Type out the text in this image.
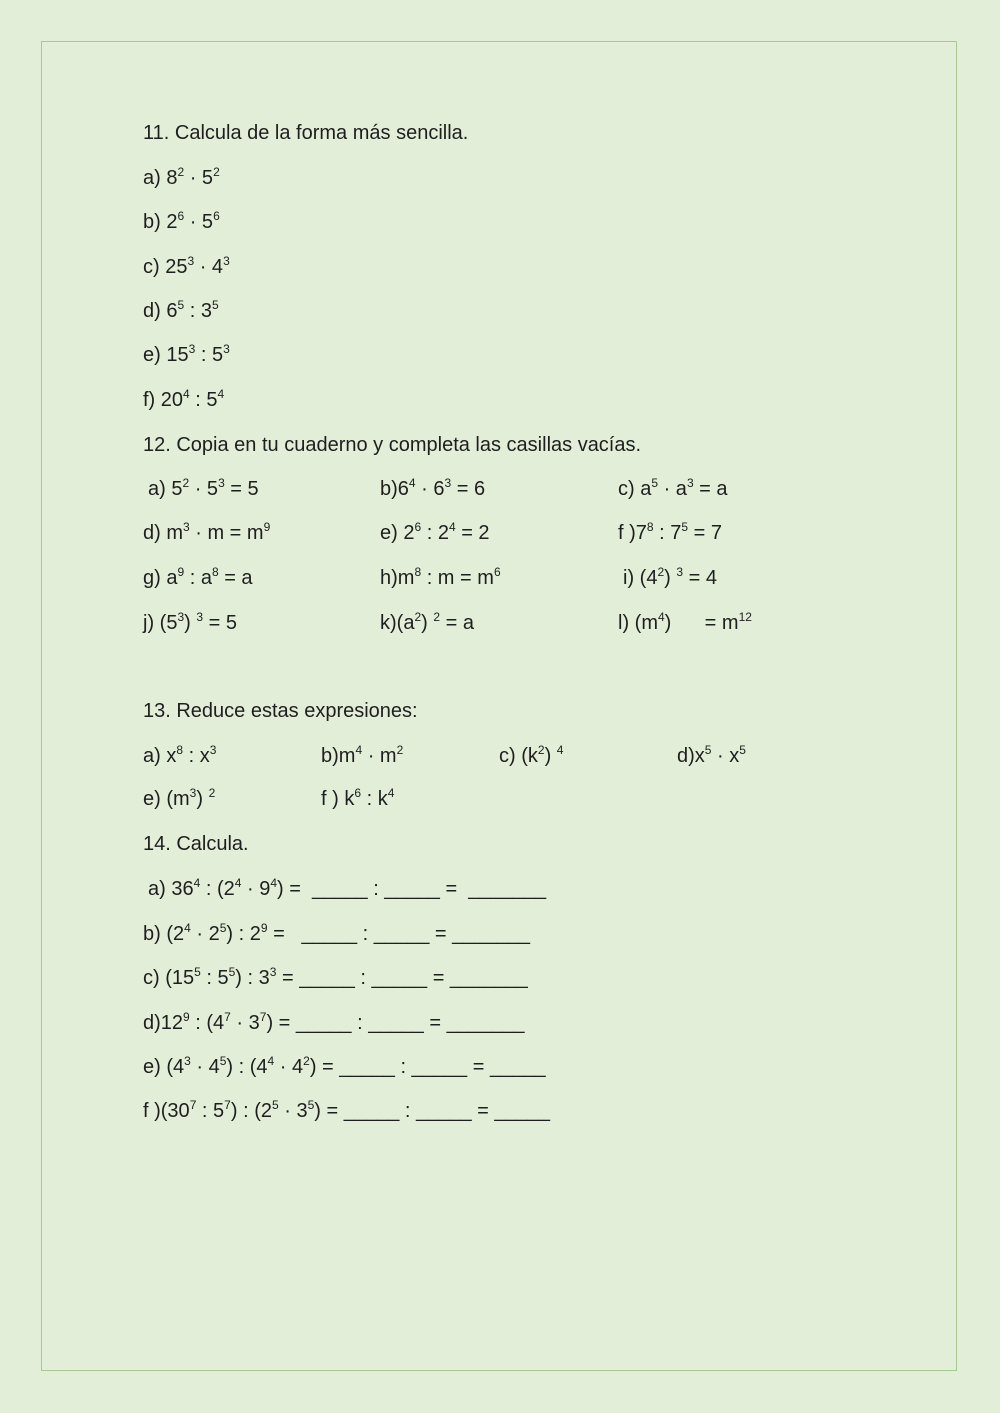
11. Calcula de la forma más sencilla.
12. Copia en tu cuaderno y completa las casillas vacías.
13. Reduce estas expresiones:
14. Calcula.
a) $8^2 \cdot 5^2$
b) $2^6 \cdot 5^6$
c) $25^3 \cdot 4^3$
d) $6^5$ : $3^5$
e) $15^3$ : $5^3$
f) $20^4$ : $5^4$
a) $5^2 \cdot 5^3 = 5$	$b)6^4 \cdot 6^3 = 6$	c) $a^5 \cdot a^3 = a$
d) $m^3 \cdot m = m^9$	e) $2^6$ : $2^4 = 2$	f )$7^8$ : $7^5 = 7$
g) $a^9$ : $a^8 = a$	$h)m^8$ : $m = m^6$	i) $(4^2) ^3 = 4$
j) $(5^3) ^3 = 5$	$k)(a^2)$ $^2$ = a	l) $(m^4)$      = $m^{12}$
a) $x^8$ : $x^3$	$b)m^4 \cdot m^2$	c) $(k^2)$ $^4$	$d)x^5 \cdot x^5$
e) $(m^3)$ $^2$	f ) $k^6$ : $k^4$
a) $36^4$ : $(2^4 \cdot 9^4)$ =  _____ : _____ =  _______
b) $(2^4 \cdot 2^5)$ : $2^9$ =   _____ : _____ = _______
c) ($15^5$ : $5^5$) : $3^3$ = _____ : _____ = _______
$d)12^9$ : $(4^7 \cdot 3^7)$ = _____ : _____ = _______
e) $(4^3 \cdot 4^5)$ : $(4^4 \cdot 4^2)$ = _____ : _____ = _____
f )($30^7$ : $5^7$) : $(2^5 \cdot 3^5)$ = _____ : _____ = _____
